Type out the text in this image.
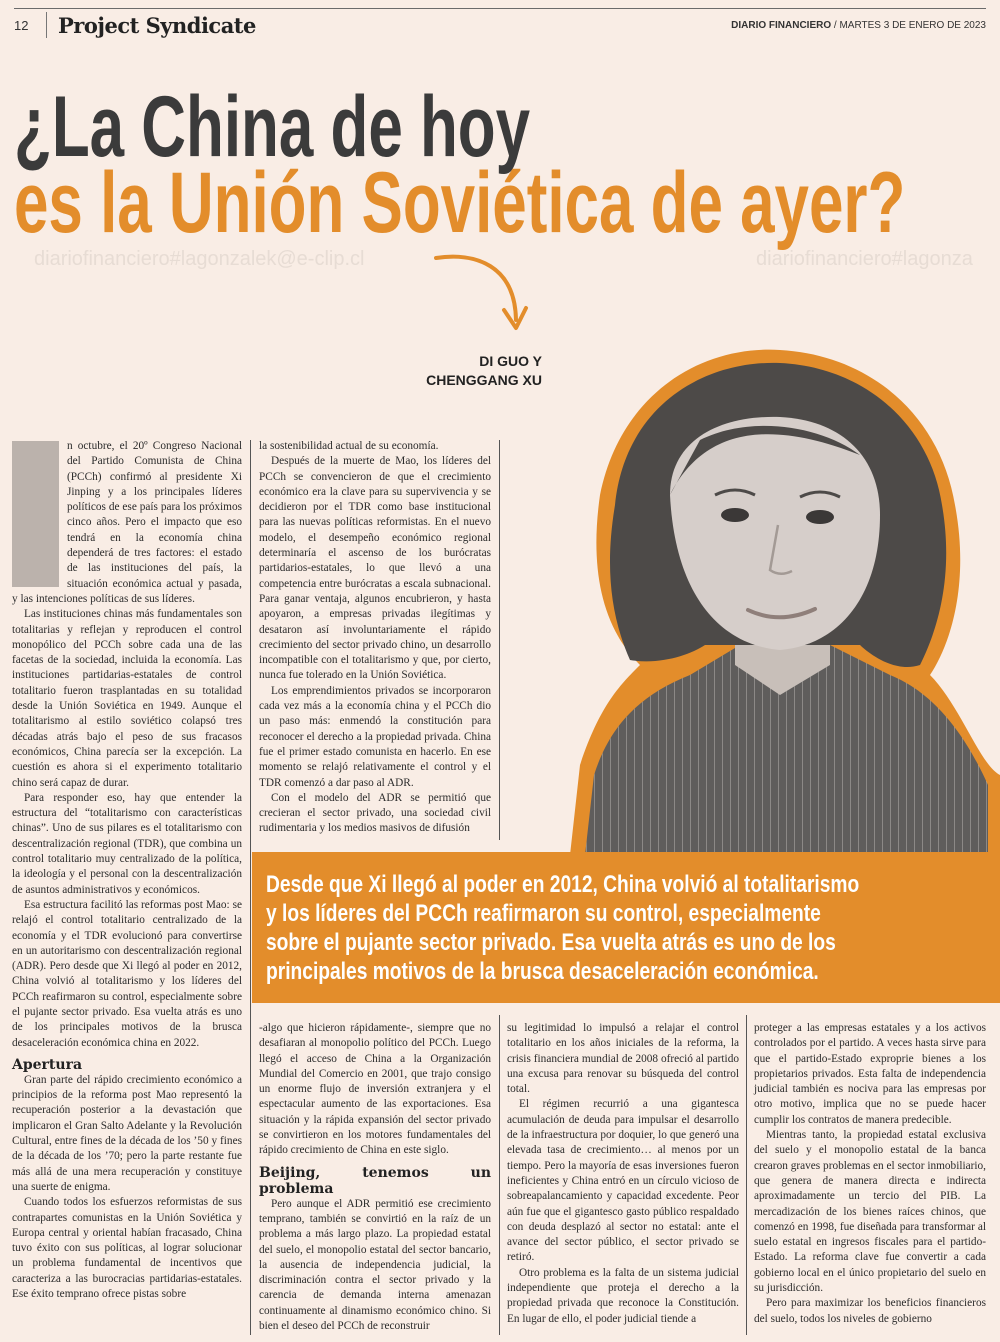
12 Project Syndicate	DIARIO FINANCIERO / MARTES 3 DE ENERO DE 2023
¿La China de hoy
es la Unión Soviética de ayer?
diariofinanciero#lagonzalek@e-clip.cl	diariofinanciero#lagonza
DI GUO Y
CHENGGANG XU

n octubre, el 20º Congreso Nacional del Partido Comunista de China (PCCh) confirmó al presidente Xi Jinping y a los principales líderes políticos de ese país para los próximos cinco años. Pero el impacto que eso tendrá en la economía china dependerá de tres factores: el estado de las instituciones del país, la situación económica actual y pasada, y las intenciones políticas de sus líderes.

Las instituciones chinas más fundamentales son totalitarias y reflejan y reproducen el control monopólico del PCCh sobre cada una de las facetas de la sociedad, incluida la economía. Las instituciones partidarias-estatales de control totalitario fueron trasplantadas en su totalidad desde la Unión Soviética en 1949. Aunque el totalitarismo al estilo soviético colapsó tres décadas atrás bajo el peso de sus fracasos económicos, China parecía ser la excepción. La cuestión es ahora si el experimento totalitario chino será capaz de durar.

Para responder eso, hay que entender la estructura del “totalitarismo con características chinas”. Uno de sus pilares es el totalitarismo con descentralización regional (TDR), que combina un control totalitario muy centralizado de la política, la ideología y el personal con la descentralización de asuntos administrativos y económicos.

Esa estructura facilitó las reformas post Mao: se relajó el control totalitario centralizado de la economía y el TDR evolucionó para convertirse en un autoritarismo con descentralización regional (ADR). Pero desde que Xi llegó al poder en 2012, China volvió al totalitarismo y los líderes del PCCh reafirmaron su control, especialmente sobre el pujante sector privado. Esa vuelta atrás es uno de los principales motivos de la brusca desaceleración económica china en 2022.

Apertura

Gran parte del rápido crecimiento económico a principios de la reforma post Mao representó la recuperación posterior a la devastación que implicaron el Gran Salto Adelante y la Revolución Cultural, entre fines de la década de los ’50 y fines de la década de los ’70; pero la parte restante fue más allá de una mera recuperación y constituye una suerte de enigma.

Cuando todos los esfuerzos reformistas de sus contrapartes comunistas en la Unión Soviética y Europa central y oriental habían fracasado, China tuvo éxito con sus políticas, al lograr solucionar un problema fundamental de incentivos que caracteriza a las burocracias partidarias-estatales. Ese éxito temprano ofrece pistas sobre

la sostenibilidad actual de su economía.

Después de la muerte de Mao, los líderes del PCCh se convencieron de que el crecimiento económico era la clave para su supervivencia y se decidieron por el TDR como base institucional para las nuevas políticas reformistas. En el nuevo modelo, el desempeño económico regional determinaría el ascenso de los burócratas partidarios-estatales, lo que llevó a una competencia entre burócratas a escala subnacional. Para ganar ventaja, algunos encubrieron, y hasta apoyaron, a empresas privadas ilegítimas y desataron así involuntariamente el rápido crecimiento del sector privado chino, un desarrollo incompatible con el totalitarismo y que, por cierto, nunca fue tolerado en la Unión Soviética.

Los emprendimientos privados se incorporaron cada vez más a la economía china y el PCCh dio un paso más: enmendó la constitución para reconocer el derecho a la propiedad privada. China fue el primer estado comunista en hacerlo. En ese momento se relajó relativamente el control y el TDR comenzó a dar paso al ADR.

Con el modelo del ADR se permitió que crecieran el sector privado, una sociedad civil rudimentaria y los medios masivos de difusión

Desde que Xi llegó al poder en 2012, China volvió al totalitarismo y los líderes del PCCh reafirmaron su control, especialmente sobre el pujante sector privado. Esa vuelta atrás es uno de los principales motivos de la brusca desaceleración económica.

-algo que hicieron rápidamente-, siempre que no desafiaran al monopolio político del PCCh. Luego llegó el acceso de China a la Organización Mundial del Comercio en 2001, que trajo consigo un enorme flujo de inversión extranjera y el espectacular aumento de las exportaciones. Esa situación y la rápida expansión del sector privado se convirtieron en los motores fundamentales del rápido crecimiento de China en este siglo.

Beijing, tenemos un problema

Pero aunque el ADR permitió ese crecimiento temprano, también se convirtió en la raíz de un problema a más largo plazo. La propiedad estatal del suelo, el monopolio estatal del sector bancario, la ausencia de independencia judicial, la discriminación contra el sector privado y la carencia de demanda interna amenazan continuamente al dinamismo económico chino. Si bien el deseo del PCCh de reconstruir

su legitimidad lo impulsó a relajar el control totalitario en los años iniciales de la reforma, la crisis financiera mundial de 2008 ofreció al partido una excusa para renovar su búsqueda del control total.

El régimen recurrió a una gigantesca acumulación de deuda para impulsar el desarrollo de la infraestructura por doquier, lo que generó una elevada tasa de crecimiento… al menos por un tiempo. Pero la mayoría de esas inversiones fueron ineficientes y China entró en un círculo vicioso de sobreapalancamiento y capacidad excedente. Peor aún fue que el gigantesco gasto público respaldado con deuda desplazó al sector no estatal: ante el avance del sector público, el sector privado se retiró.

Otro problema es la falta de un sistema judicial independiente que proteja el derecho a la propiedad privada que reconoce la Constitución. En lugar de ello, el poder judicial tiende a

proteger a las empresas estatales y a los activos controlados por el partido. A veces hasta sirve para que el partido-Estado exproprie bienes a los propietarios privados. Esta falta de independencia judicial también es nociva para las empresas por otro motivo, implica que no se puede hacer cumplir los contratos de manera predecible.

Mientras tanto, la propiedad estatal exclusiva del suelo y el monopolio estatal de la banca crearon graves problemas en el sector inmobiliario, que genera de manera directa e indirecta aproximadamente un tercio del PIB. La mercadización de los bienes raíces chinos, que comenzó en 1998, fue diseñada para transformar al suelo estatal en ingresos fiscales para el partido-Estado. La reforma clave fue convertir a cada gobierno local en el único propietario del suelo en su jurisdicción.

Pero para maximizar los beneficios financieros del suelo, todos los niveles de gobierno
